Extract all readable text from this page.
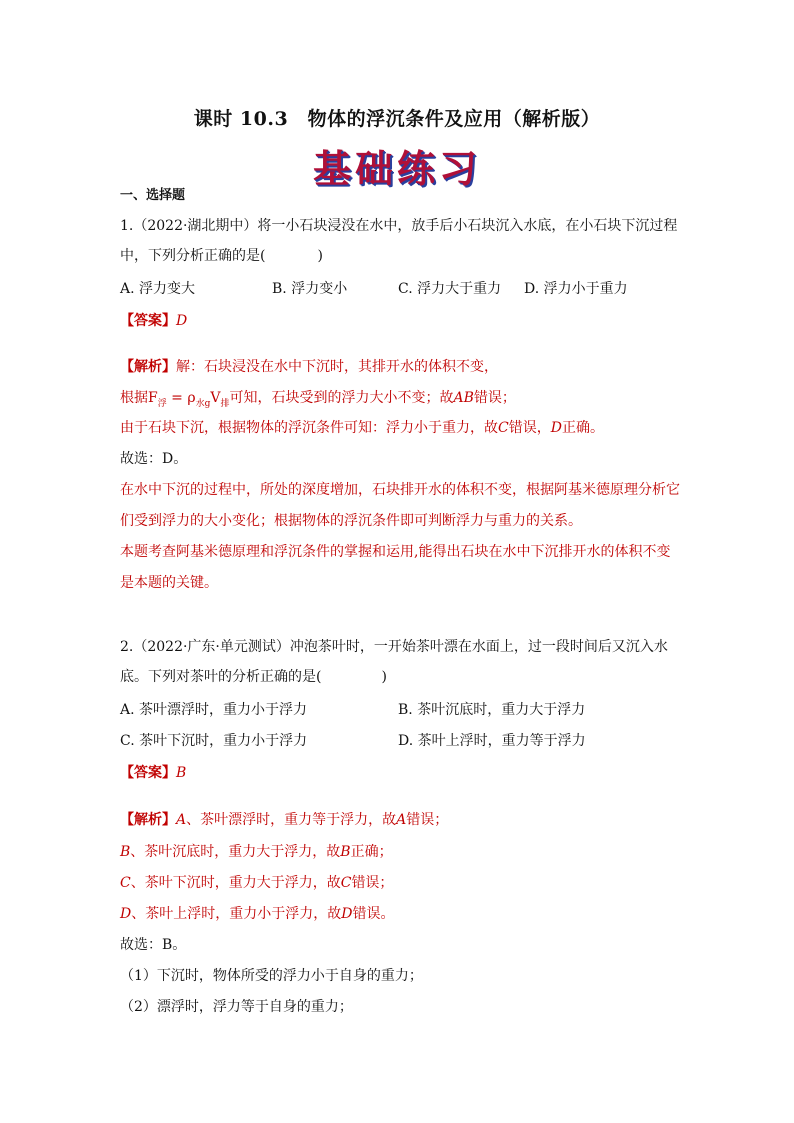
课时 10.3　物体的浮沉条件及应用（解析版）
基础练习
一、选择题
1.（2022·湖北期中）将一小石块浸没在水中，放手后小石块沉入水底，在小石块下沉过程
中，下列分析正确的是(	)
A. 浮力变大	B. 浮力变小	C. 浮力大于重力 D. 浮力小于重力
【答案】D
【解析】解：石块浸没在水中下沉时，其排开水的体积不变，
根据$F_浮 = \rho_{水g}V_排$可知，石块受到的浮力大小不变；故AB错误；
由于石块下沉，根据物体的浮沉条件可知：浮力小于重力，故C错误，D正确。
故选：D。
在水中下沉的过程中，所处的深度增加，石块排开水的体积不变，根据阿基米德原理分析它
们受到浮力的大小变化；根据物体的浮沉条件即可判断浮力与重力的关系。
本题考查阿基米德原理和浮沉条件的掌握和运用,能得出石块在水中下沉排开水的体积不变
是本题的关键。
2.（2022·广东·单元测试）冲泡茶叶时，一开始茶叶漂在水面上，过一段时间后又沉入水
底。下列对茶叶的分析正确的是(	)
A. 茶叶漂浮时，重力小于浮力	B. 茶叶沉底时，重力大于浮力
C. 茶叶下沉时，重力小于浮力	D. 茶叶上浮时，重力等于浮力
【答案】B
【解析】A、茶叶漂浮时，重力等于浮力，故A错误；
B、茶叶沉底时，重力大于浮力，故B正确；
C、茶叶下沉时，重力大于浮力，故C错误；
D、茶叶上浮时，重力小于浮力，故D错误。
故选：B。
（1）下沉时，物体所受的浮力小于自身的重力；
（2）漂浮时，浮力等于自身的重力；
